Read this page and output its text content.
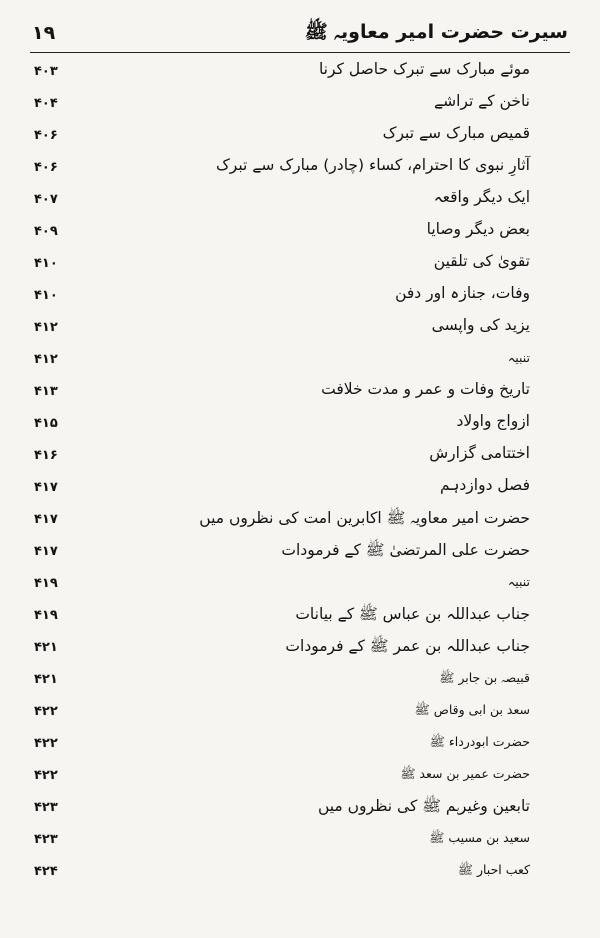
۱۹	سیرت حضرت امیر معاویہ ﷺ
موئے مبارک سے تبرک حاصل کرنا
۴۰۳
ناخن کے تراشے
۴۰۴
قمیص مبارک سے تبرک
۴۰۶
آثارِ نبوی کا احترام، کساء (چادر) مبارک سے تبرک
۴۰۶
ایک دیگر واقعہ
۴۰۷
بعض دیگر وصایا
۴۰۹
تقویٰ کی تلقین
۴۱۰
وفات، جنازہ اور دفن
۴۱۰
یزید کی واپسی
۴۱۲
تنبیہ
۴۱۲
تاریخ وفات و عمر و مدت خلافت
۴۱۳
ازواج واولاد
۴۱۵
اختتامی گزارش
۴۱۶
فصل دوازدہم
۴۱۷
حضرت امیر معاویہ ﷺ اکابرین امت کی نظروں میں
۴۱۷
حضرت علی المرتضیٰ ﷺ کے فرمودات
۴۱۷
تنبیہ
۴۱۹
جناب عبداللہ بن عباس ﷺ کے بیانات
۴۱۹
جناب عبداللہ بن عمر ﷺ کے فرمودات
۴۲۱
قبیصہ بن جابر ﷺ
۴۲۱
سعد بن ابی وقاص ﷺ
۴۲۲
حضرت ابودرداء ﷺ
۴۲۲
حضرت عمیر بن سعد ﷺ
۴۲۲
تابعین وغیرہم ﷺ کی نظروں میں
۴۲۳
سعید بن مسیب ﷺ
۴۲۳
کعب احبار ﷺ
۴۲۴
